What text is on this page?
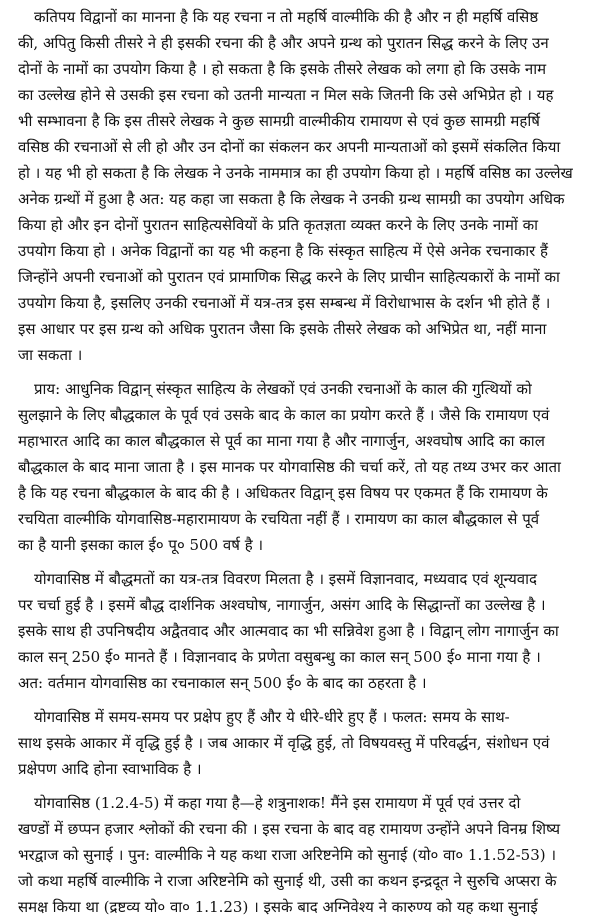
कतिपय विद्वानों का मानना है कि यह रचना न तो महर्षि वाल्मीकि की है और न ही महर्षि वसिष्ठ
की, अपितु किसी तीसरे ने ही इसकी रचना की है और अपने ग्रन्थ को पुरातन सिद्ध करने के लिए उन
दोनों के नामों का उपयोग किया है । हो सकता है कि इसके तीसरे लेखक को लगा हो कि उसके नाम
का उल्लेख होने से उसकी इस रचना को उतनी मान्यता न मिल सके जितनी कि उसे अभिप्रेत हो । यह
भी सम्भावना है कि इस तीसरे लेखक ने कुछ सामग्री वाल्मीकीय रामायण से एवं कुछ सामग्री महर्षि
वसिष्ठ की रचनाओं से ली हो और उन दोनों का संकलन कर अपनी मान्यताओं को इसमें संकलित किया
हो । यह भी हो सकता है कि लेखक ने उनके नाममात्र का ही उपयोग किया हो । महर्षि वसिष्ठ का उल्लेख
अनेक ग्रन्थों में हुआ है अत: यह कहा जा सकता है कि लेखक ने उनकी ग्रन्थ सामग्री का उपयोग अधिक
किया हो और इन दोनों पुरातन साहित्यसेवियों के प्रति कृतज्ञता व्यक्त करने के लिए उनके नामों का
उपयोग किया हो । अनेक विद्वानों का यह भी कहना है कि संस्कृत साहित्य में ऐसे अनेक रचनाकार हैं
जिन्होंने अपनी रचनाओं को पुरातन एवं प्रामाणिक सिद्ध करने के लिए प्राचीन साहित्यकारों के नामों का
उपयोग किया है, इसलिए उनकी रचनाओं में यत्र-तत्र इस सम्बन्ध में विरोधाभास के दर्शन भी होते हैं ।
इस आधार पर इस ग्रन्थ को अधिक पुरातन जैसा कि इसके तीसरे लेखक को अभिप्रेत था, नहीं माना
जा सकता ।
प्राय: आधुनिक विद्वान् संस्कृत साहित्य के लेखकों एवं उनकी रचनाओं के काल की गुत्थियों को
सुलझाने के लिए बौद्धकाल के पूर्व एवं उसके बाद के काल का प्रयोग करते हैं । जैसे कि रामायण एवं
महाभारत आदि का काल बौद्धकाल से पूर्व का माना गया है और नागार्जुन, अश्वघोष आदि का काल
बौद्धकाल के बाद माना जाता है । इस मानक पर योगवासिष्ठ की चर्चा करें, तो यह तथ्य उभर कर आता
है कि यह रचना बौद्धकाल के बाद की है । अधिकतर विद्वान् इस विषय पर एकमत हैं कि रामायण के
रचयिता वाल्मीकि योगवासिष्ठ-महारामायण के रचयिता नहीं हैं । रामायण का काल बौद्धकाल से पूर्व
का है यानी इसका काल ई० पू० 500 वर्ष है ।
योगवासिष्ठ में बौद्धमतों का यत्र-तत्र विवरण मिलता है । इसमें विज्ञानवाद, मध्यवाद एवं शून्यवाद
पर चर्चा हुई है । इसमें बौद्ध दार्शनिक अश्वघोष, नागार्जुन, असंग आदि के सिद्धान्तों का उल्लेख है ।
इसके साथ ही उपनिषदीय अद्वैतवाद और आत्मवाद का भी सन्निवेश हुआ है । विद्वान् लोग नागार्जुन का
काल सन् 250 ई० मानते हैं । विज्ञानवाद के प्रणेता वसुबन्धु का काल सन् 500 ई० माना गया है ।
अत: वर्तमान योगवासिष्ठ का रचनाकाल सन् 500 ई० के बाद का ठहरता है ।
योगवासिष्ठ में समय-समय पर प्रक्षेप हुए हैं और ये धीरे-धीरे हुए हैं । फलत: समय के साथ-
साथ इसके आकार में वृद्धि हुई है । जब आकार में वृद्धि हुई, तो विषयवस्तु में परिवर्द्धन, संशोधन एवं
प्रक्षेपण आदि होना स्वाभाविक है ।
योगवासिष्ठ (1.2.4-5) में कहा गया है—हे शत्रुनाशक! मैंने इस रामायण में पूर्व एवं उत्तर दो
खण्डों में छप्पन हजार श्लोकों की रचना की । इस रचना के बाद वह रामायण उन्होंने अपने विनम्र शिष्य
भरद्वाज को सुनाई । पुन: वाल्मीकि ने यह कथा राजा अरिष्टनेमि को सुनाई (यो० वा० 1.1.52-53) ।
जो कथा महर्षि वाल्मीकि ने राजा अरिष्टनेमि को सुनाई थी, उसी का कथन इन्द्रदूत ने सुरुचि अप्सरा के
समक्ष किया था (द्रष्टव्य यो० वा० 1.1.23) । इसके बाद अग्निवेश्य ने कारुण्य को यह कथा सुनाई
